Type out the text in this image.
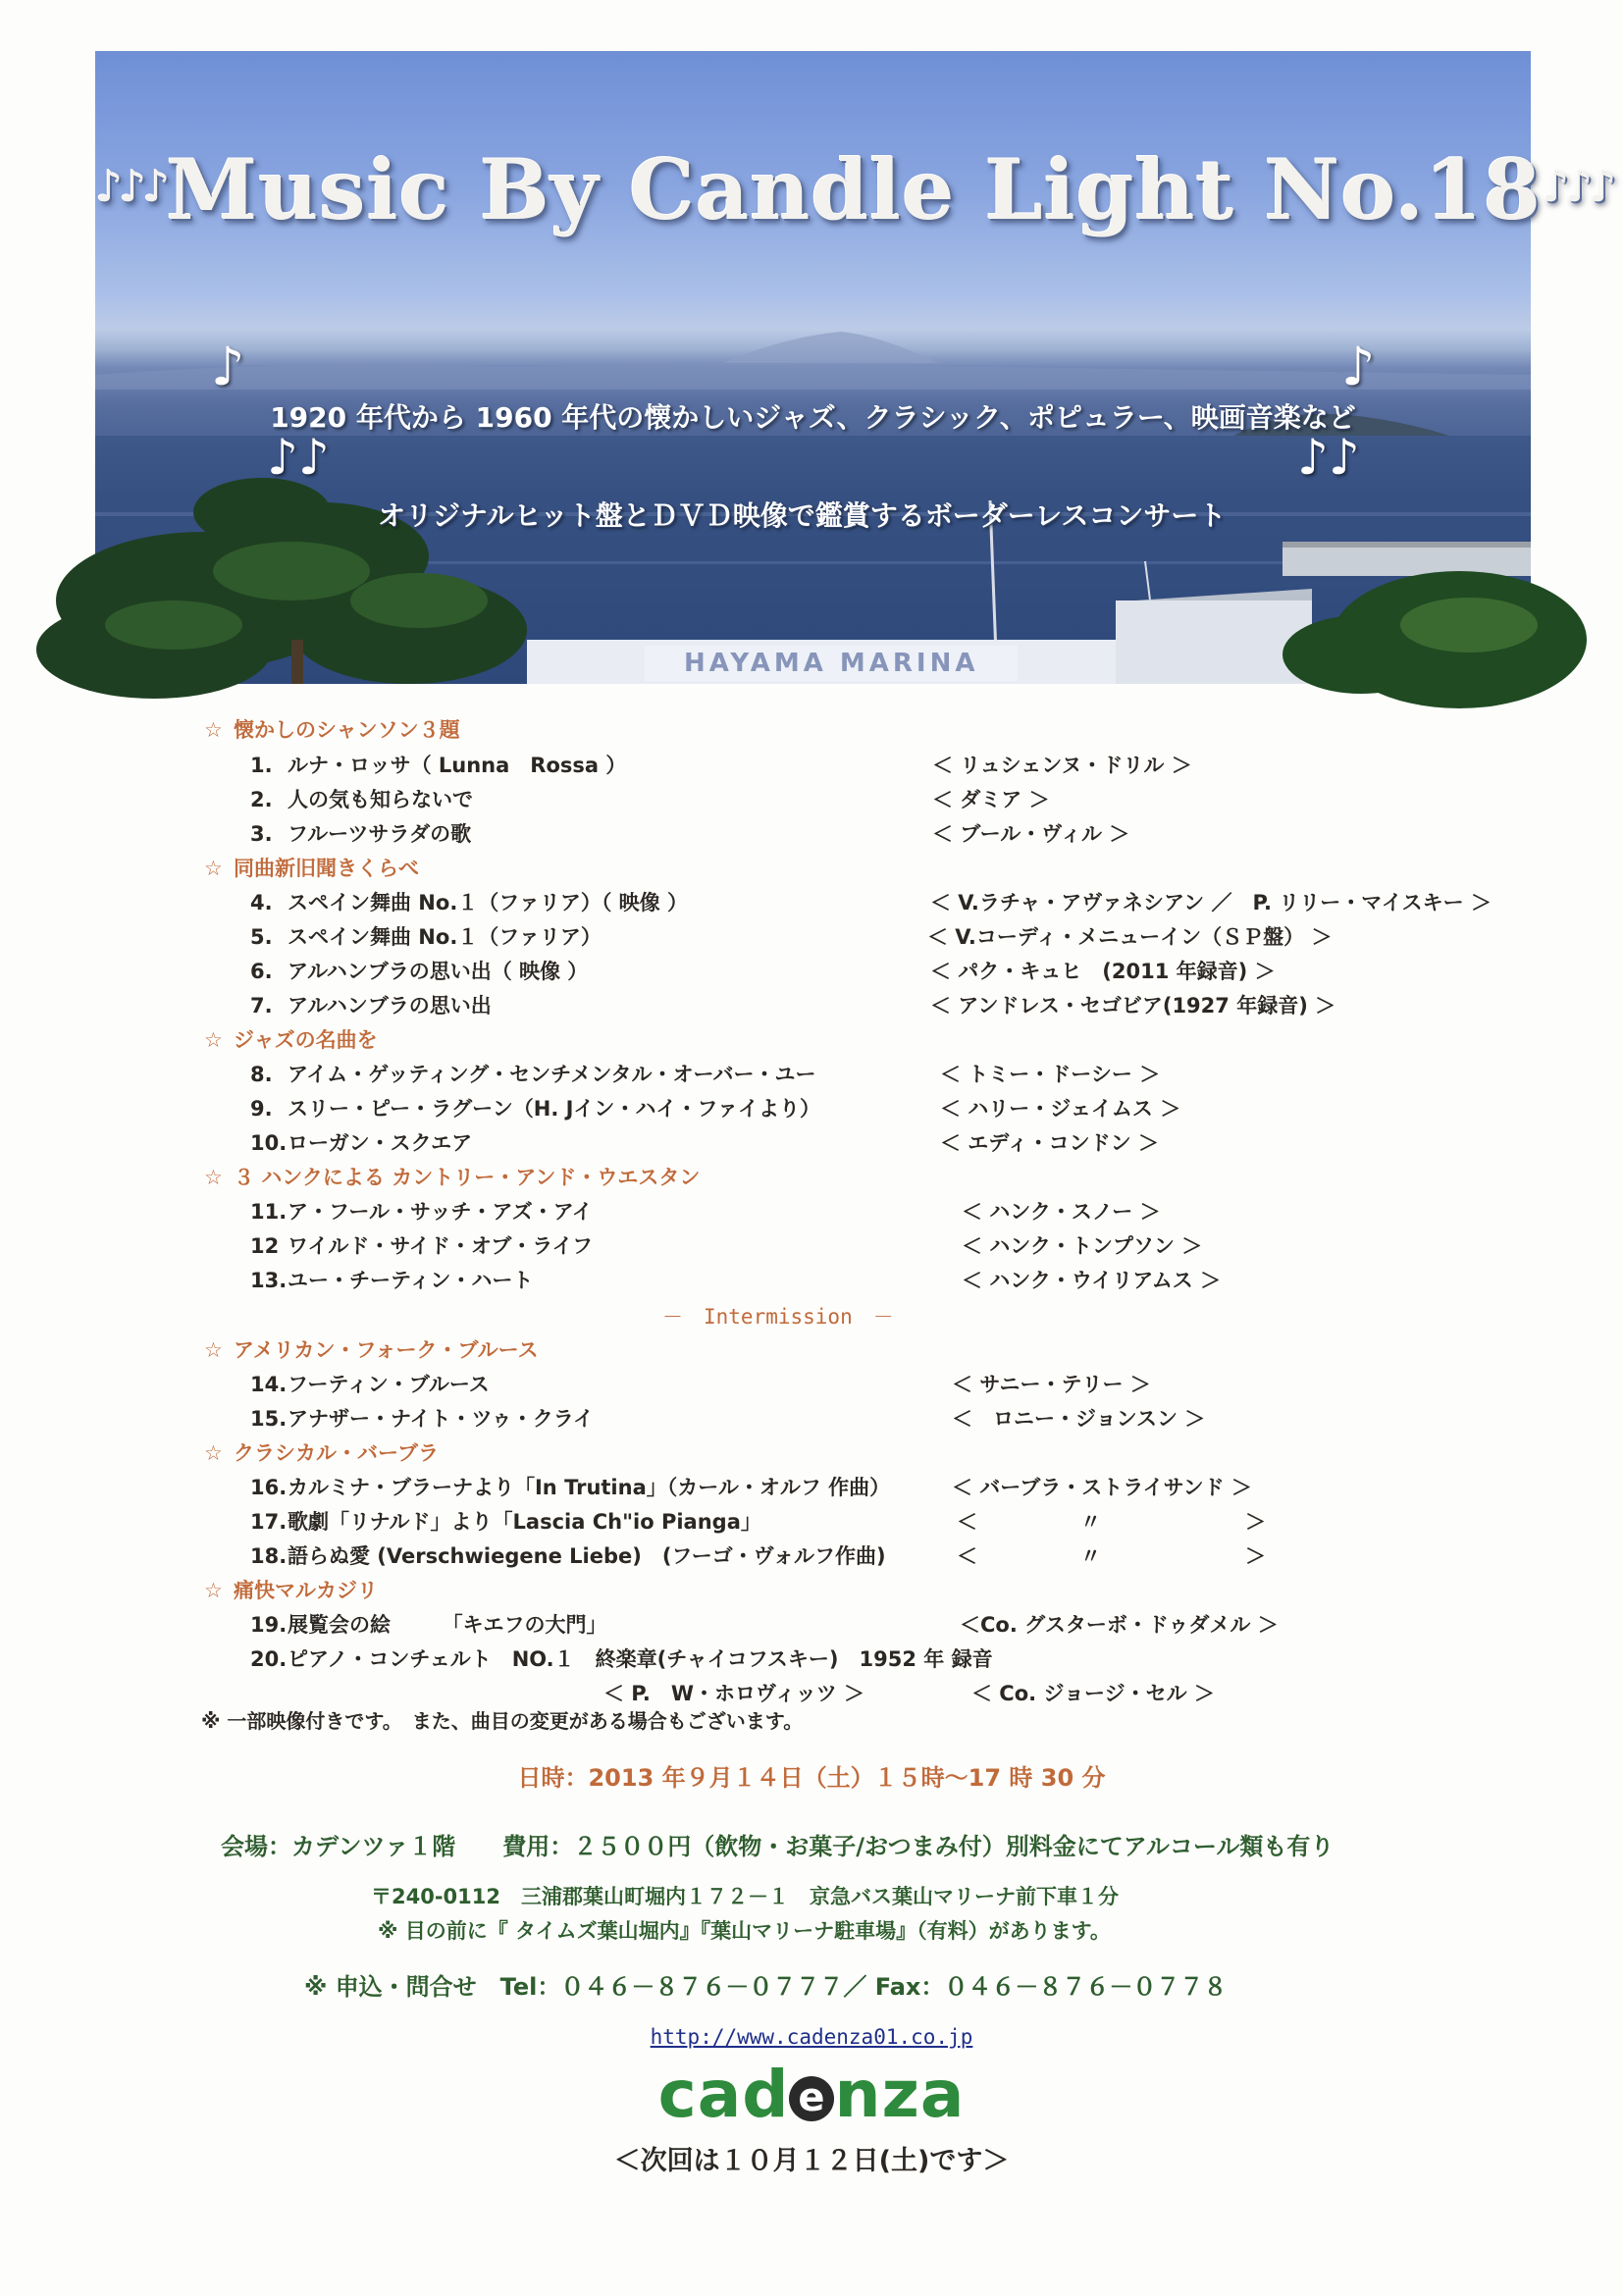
♪♪♪Music By Candle Light No.18♪♪♪
♪
1920 年代から 1960 年代の懐かしいジャズ、クラシック、ポピュラー、映画音楽など
♪
♪♪
オリジナルヒット盤とＤＶＤ映像で鑑賞するボーダーレスコンサート
♪♪
HAYAMA MARINA
☆ 懐かしのシャンソン３題
1. ルナ・ロッサ（ Lunna　Rossa ）	＜ リュシェンヌ・ドリル ＞
2. 人の気も知らないで	＜ ダミア ＞
3. フルーツサラダの歌	＜ ブール・ヴィル ＞
☆ 同曲新旧聞きくらべ
4. スペイン舞曲 No.１（ファリア）（ 映像 ）	＜ V.ラチャ・アヴァネシアン ／　P. リリー・マイスキー ＞
5. スペイン舞曲 No.１（ファリア）	＜ V.コーディ・メニューイン（ＳＰ盤） ＞
6. アルハンブラの思い出（ 映像 ）	＜ パク・キュヒ　(2011 年録音) ＞
7. アルハンブラの思い出	＜ アンドレス・セゴビア(1927 年録音) ＞
☆ ジャズの名曲を
8. アイム・ゲッティング・センチメンタル・オーバー・ユー	＜ トミー・ドーシー ＞
9. スリー・ピー・ラグーン（H. Jイン・ハイ・ファイより）	＜ ハリー・ジェイムス ＞
10.ローガン・スクエア	＜ エディ・コンドン ＞
☆ ３ ハンクによる カントリー・アンド・ウエスタン
11.ア・フール・サッチ・アズ・アイ	＜ ハンク・スノー ＞
12 ワイルド・サイド・オブ・ライフ	＜ ハンク・トンプソン ＞
13.ユー・チーティン・ハート	＜ ハンク・ウイリアムス ＞
－　Intermission　－
☆ アメリカン・フォーク・ブルース
14.フーティン・ブルース	＜ サニー・テリー ＞
15.アナザー・ナイト・ツゥ・クライ	＜　ロニー・ジョンスン ＞
☆ クラシカル・バーブラ
16.カルミナ・ブラーナより「In Trutina」（カール・オルフ 作曲）	＜ バーブラ・ストライサンド ＞
17.歌劇「リナルド」より「Lascia Ch"io Pianga」	＜　　　　　〃　　　　　　　＞
18.語らぬ愛 (Verschwiegene Liebe)　(フーゴ・ヴォルフ作曲)	＜　　　　　〃　　　　　　　＞
☆ 痛快マルカジリ
19.展覧会の絵　　　「キエフの大門」	＜Co. グスターボ・ドゥダメル ＞
20.ピアノ・コンチェルト　NO.１　終楽章(チャイコフスキー)　1952 年 録音
＜ P.　W・ホロヴィッツ ＞	＜ Co. ジョージ・セル ＞
※ 一部映像付きです。　また、曲目の変更がある場合もございます。
日時：2013 年９月１４日（土）１５時～17 時 30 分
会場：カデンツァ１階　　費用：２５００円（飲物・お菓子/おつまみ付）別料金にてアルコール類も有り
〒240-0112　三浦郡葉山町堀内１７２－１　京急バス葉山マリーナ前下車１分
※ 目の前に『 タイムズ葉山堀内』『葉山マリーナ駐車場』（有料）があります。
※ 申込・問合せ　Tel：０４６－８７６－０７７７／ Fax：０４６－８７６－０７７８
http://www.cadenza01.co.jp
cad e nza
＜次回は１０月１２日(土)です＞
